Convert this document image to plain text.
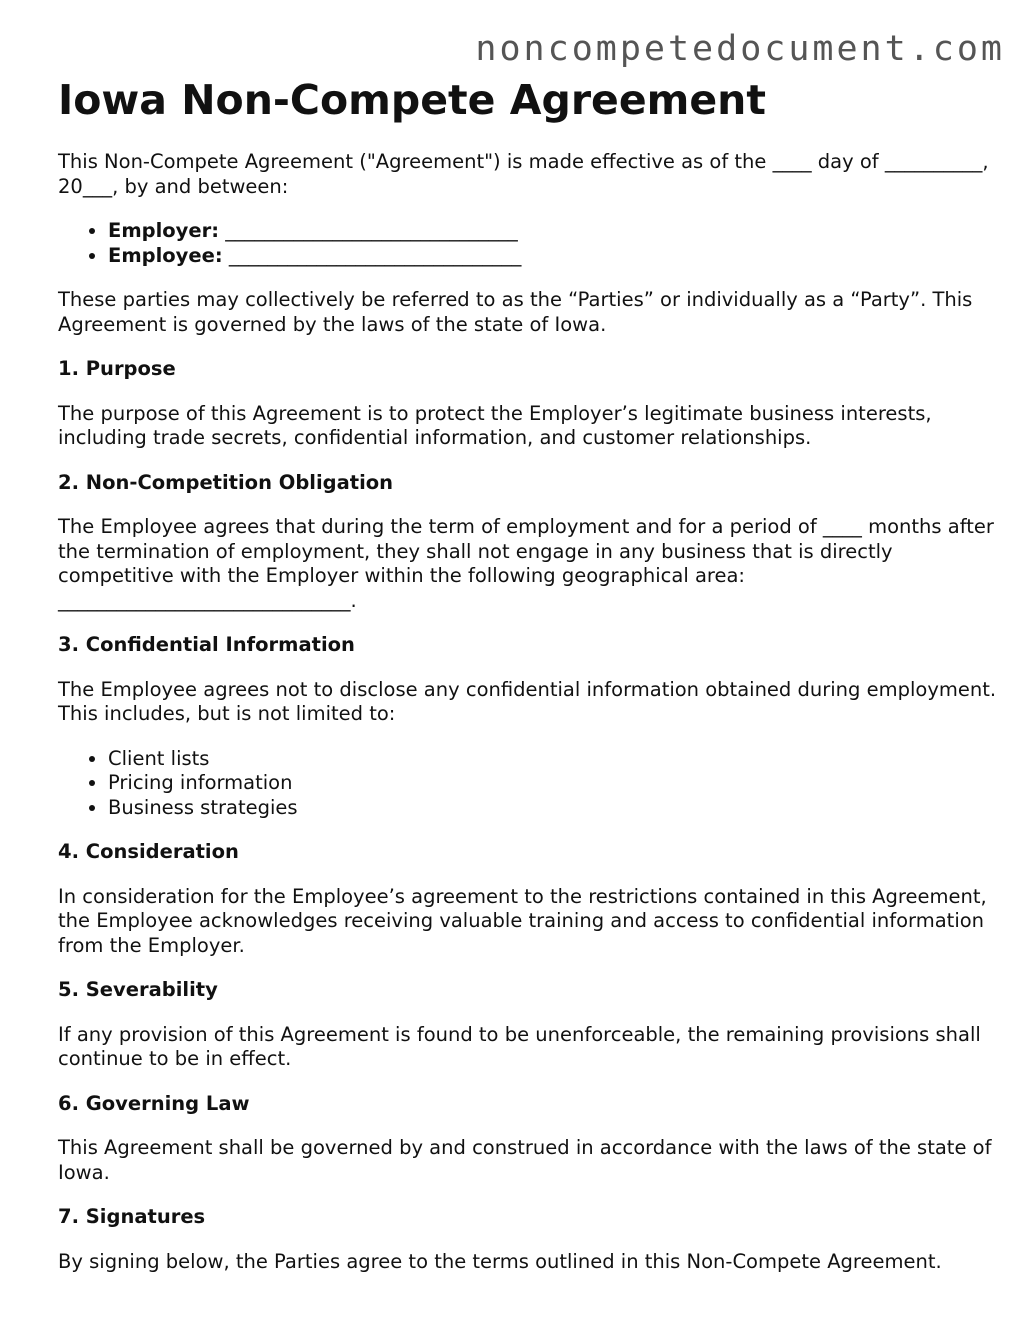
noncompetedocument.com
Iowa Non-Compete Agreement

This Non-Compete Agreement ("Agreement") is made effective as of the ____ day of __________, 20___, by and between:

• Employer: ______________________________
• Employee: ______________________________

These parties may collectively be referred to as the “Parties” or individually as a “Party”. This Agreement is governed by the laws of the state of Iowa.

1. Purpose

The purpose of this Agreement is to protect the Employer’s legitimate business interests, including trade secrets, confidential information, and customer relationships.

2. Non-Competition Obligation

The Employee agrees that during the term of employment and for a period of ____ months after the termination of employment, they shall not engage in any business that is directly competitive with the Employer within the following geographical area: ______________________________.

3. Confidential Information

The Employee agrees not to disclose any confidential information obtained during employment. This includes, but is not limited to:

• Client lists
• Pricing information
• Business strategies
4. Consideration

In consideration for the Employee’s agreement to the restrictions contained in this Agreement, the Employee acknowledges receiving valuable training and access to confidential information from the Employer.

5. Severability

If any provision of this Agreement is found to be unenforceable, the remaining provisions shall continue to be in effect.

6. Governing Law

This Agreement shall be governed by and construed in accordance with the laws of the state of Iowa.

7. Signatures

By signing below, the Parties agree to the terms outlined in this Non-Compete Agreement.
